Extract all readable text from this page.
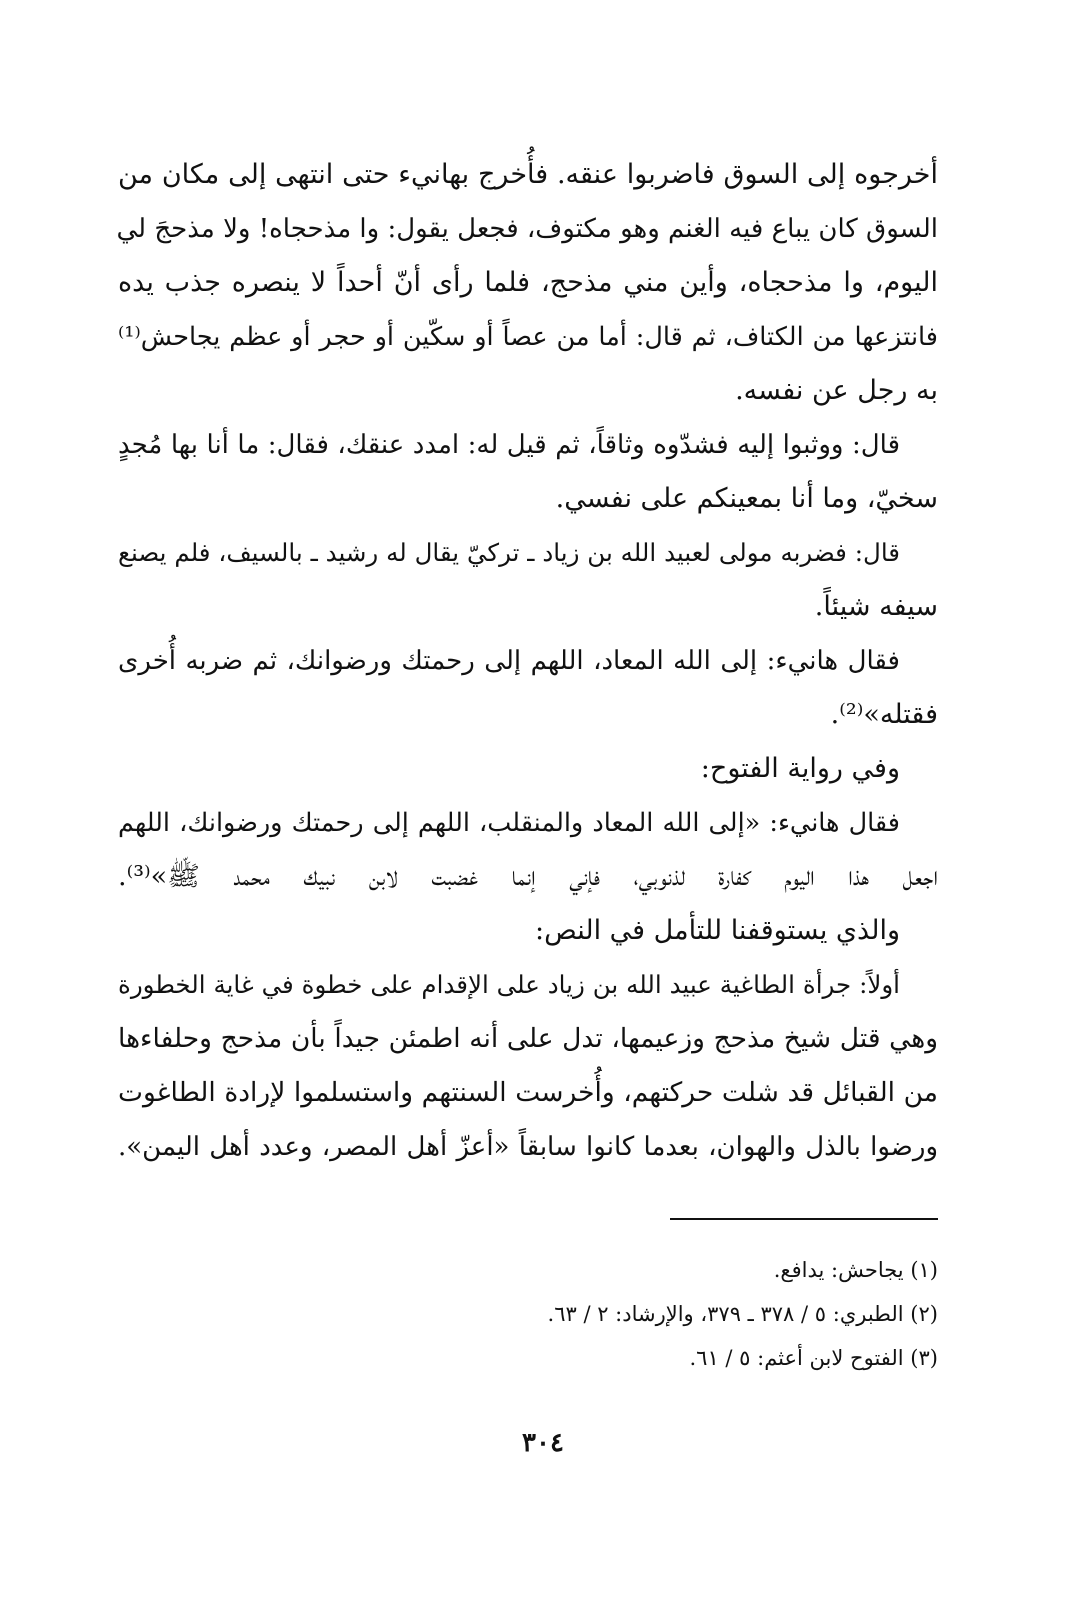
أخرجوه إلى السوق فاضربوا عنقه. فأُخرج بهانيء حتى انتهى إلى مكان من
السوق كان يباع فيه الغنم وهو مكتوف، فجعل يقول: وا مذحجاه! ولا مذحجَ لي
اليوم، وا مذحجاه، وأين مني مذحج، فلما رأى أنّ أحداً لا ينصره جذب يده
فانتزعها من الكتاف، ثم قال: أما من عصاً أو سكّين أو حجر أو عظم يجاحش⁽¹⁾
به رجل عن نفسه.
قال: ووثبوا إليه فشدّوه وثاقاً، ثم قيل له: امدد عنقك، فقال: ما أنا بها مُجدٍ
سخيّ، وما أنا بمعينكم على نفسي.
قال: فضربه مولى لعبيد الله بن زياد ـ تركيّ يقال له رشيد ـ بالسيف، فلم يصنع
سيفه شيئاً.
فقال هانيء: إلى الله المعاد، اللهم إلى رحمتك ورضوانك، ثم ضربه أُخرى
فقتله»⁽²⁾.
وفي رواية الفتوح:
فقال هانيء: «إلى الله المعاد والمنقلب، اللهم إلى رحمتك ورضوانك، اللهم
اجعل هذا اليوم كفارة لذنوبي، فإني إنما غضبت لابن نبيك محمد ﷺ»⁽³⁾.
والذي يستوقفنا للتأمل في النص:
أولاً: جرأة الطاغية عبيد الله بن زياد على الإقدام على خطوة في غاية الخطورة
وهي قتل شيخ مذحج وزعيمها، تدل على أنه اطمئن جيداً بأن مذحج وحلفاءها
من القبائل قد شلت حركتهم، وأُخرست السنتهم واستسلموا لإرادة الطاغوت
ورضوا بالذل والهوان، بعدما كانوا سابقاً «أعزّ أهل المصر، وعدد أهل اليمن».
(١) يجاحش: يدافع.
(٢) الطبري: ٥ / ٣٧٨ ـ ٣٧٩، والإرشاد: ٢ / ٦٣.
(٣) الفتوح لابن أعثم: ٥ / ٦١.
٣٠٤
